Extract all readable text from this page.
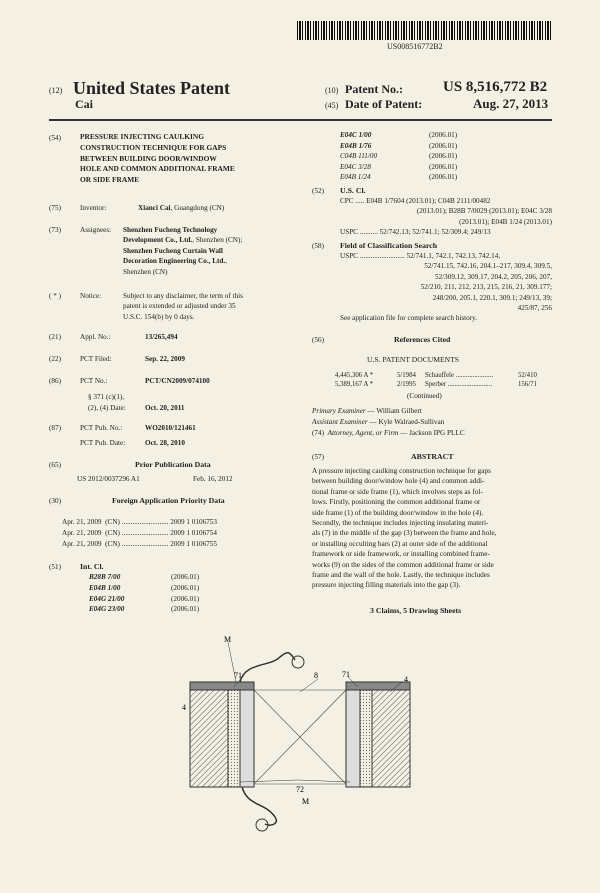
US008516772B2
(12) United States Patent
Cai
(10) Patent No.:	US 8,516,772 B2
(45) Date of Patent:	Aug. 27, 2013
(54)	PRESSURE INJECTING CAULKING
CONSTRUCTION TECHNIQUE FOR GAPS
BETWEEN BUILDING DOOR/WINDOW
HOLE AND COMMON ADDITIONAL FRAME
OR SIDE FRAME
(75)	Inventor:	Xianci Cai, Guangdong (CN)
(73)	Assignees: Shenzhen Fucheng Technology
Development Co., Ltd., Shenzhen (CN);
Shenzhen Fucheng Curtain Wall
Decoration Engineering Co., Ltd.,
Shenzhen (CN)
( * )	Notice:	Subject to any disclaimer, the term of this
patent is extended or adjusted under 35
U.S.C. 154(b) by 0 days.
(21)	Appl. No.:	13/265,494
(22)	PCT Filed:	Sep. 22, 2009
(86)	PCT No.:	PCT/CN2009/074100
§ 371 (c)(1),
(2), (4) Date:	Oct. 20, 2011
(87)	PCT Pub. No.:	WO2010/121461
PCT Pub. Date:	Oct. 28, 2010
(65)	Prior Publication Data
US 2012/0037296 A1	Feb. 16, 2012
(30)	Foreign Application Priority Data
Apr. 21, 2009 (CN) .......................... 2009 1 0106753
Apr. 21, 2009 (CN) .......................... 2009 1 0106754
Apr. 21, 2009 (CN) .......................... 2009 1 0106755
(51) Int. Cl.
B28B 7/00	(2006.01)
E04B 1/00	(2006.01)
E04G 21/00	(2006.01)
E04G 23/00	(2006.01)
E04C 1/00	(2006.01)
E04B 1/76	(2006.01)
C04B 111/00	(2006.01)
E04C 3/28	(2006.01)
E04B 1/24	(2006.01)
(52) U.S. Cl.
CPC ..... E04B 1/7604 (2013.01); C04B 2111/00482
(2013.01); B28B 7/0029 (2013.01); E04C 3/28
(2013.01); E04B 1/24 (2013.01)
USPC .......... 52/742.13; 52/741.1; 52/309.4; 249/13
(58) Field of Classification Search
USPC ......................... 52/741.1, 742.1, 742.13, 742.14,
52/741.15, 742.16, 204.1–217, 309.4, 309.5,
52/309.12, 309.17, 204.2, 205, 206, 207,
52/210, 211, 212, 213, 215, 216, 21, 309.177;
248/200, 205.1, 220.1, 309.1; 249/13, 39;
425/87, 256
See application file for complete search history.
(56)	References Cited
U.S. PATENT DOCUMENTS
4,445,306 A *	5/1984 Schauffele ......................	52/410
5,389,167 A *	2/1995 Sperber ..........................	156/71
(Continued)
Primary Examiner — William Gilbert
Assistant Examiner — Kyle Walraed-Sullivan
(74) Attorney, Agent, or Firm — Jackson IPG PLLC
(57)	ABSTRACT
A pressure injecting caulking construction technique for gaps
between building door/window hole (4) and common addi-
tional frame or side frame (1), which involves steps as fol-
lows. Firstly, positioning the common additional frame or
side frame (1) of the building door/window in the hole (4).
Secondly, the technique includes injecting insulating materi-
als (7) in the middle of the gap (3) between the frame and hole,
or installing occulting bars (2) at outer side of the additional
framework or side framework, or installing combined frame-
works (9) on the sides of the common additional frame or side
frame and the wall of the hole. Lastly, the technique includes
pressure injecting filling materials into the gap (3).
3 Claims, 5 Drawing Sheets
M
71	8	71
4
4
72
M
